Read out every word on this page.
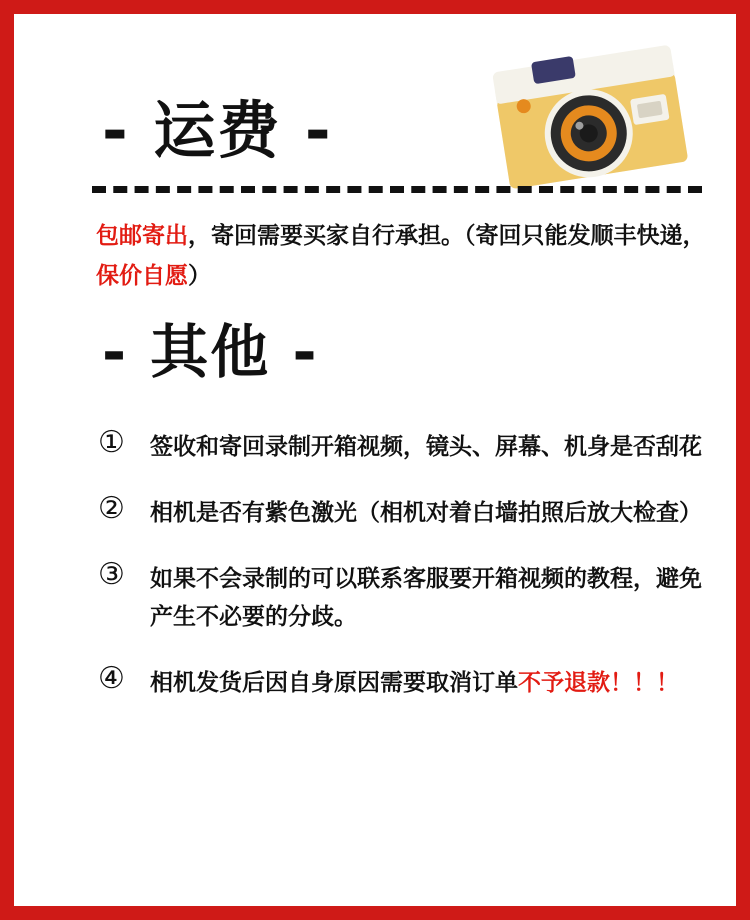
- 运费 -
包邮寄出，寄回需要买家自行承担。（寄回只能发顺丰快递，保价自愿）
- 其他 -
①	签收和寄回录制开箱视频，镜头、屏幕、机身是否刮花
②	相机是否有紫色激光（相机对着白墙拍照后放大检查）
③	如果不会录制的可以联系客服要开箱视频的教程，避免产生不必要的分歧。
④	相机发货后因自身原因需要取消订单不予退款！！！
